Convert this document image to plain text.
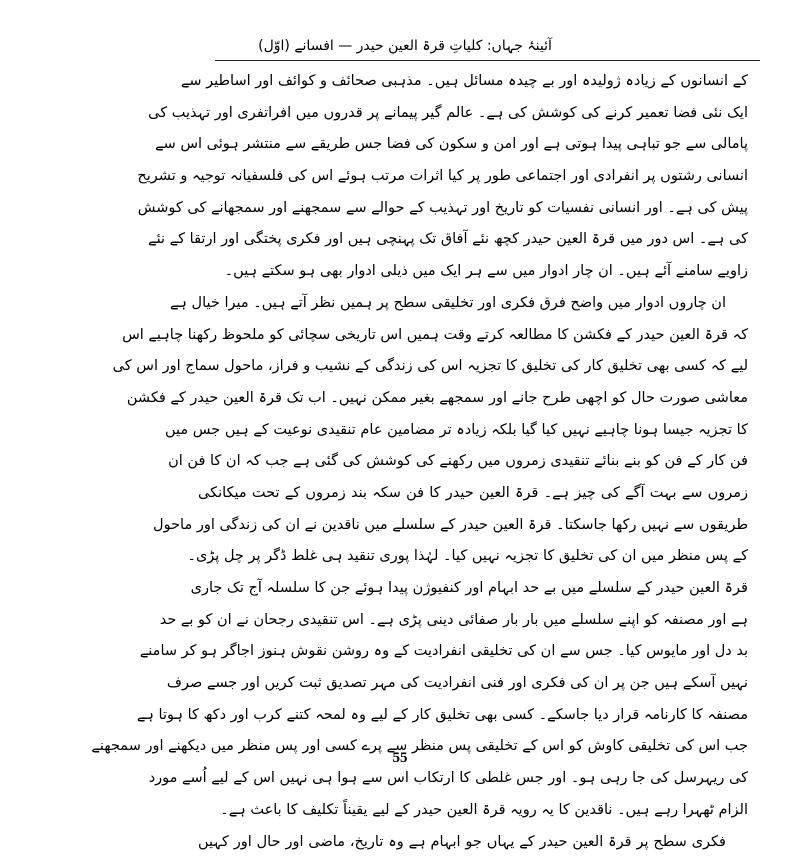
آئینۂ جہاں: کلیاتِ قرۃ العین حیدر — افسانے (اوّل)
کے انسانوں کے زیادہ ژولیدہ اور بے چیدہ مسائل ہیں۔ مذہبی صحائف و کوائف اور اساطیر سے
ایک نئی فضا تعمیر کرنے کی کوشش کی ہے۔ عالم گیر پیمانے پر قدروں میں افراتفری اور تہذیب کی
پامالی سے جو تباہی پیدا ہوتی ہے اور امن و سکون کی فضا جس طریقے سے منتشر ہوئی اس سے
انسانی رشتوں پر انفرادی اور اجتماعی طور پر کیا اثرات مرتب ہوئے اس کی فلسفیانہ توجیہ و تشریح
پیش کی ہے۔ اور انسانی نفسیات کو تاریخ اور تہذیب کے حوالے سے سمجھنے اور سمجھانے کی کوشش
کی ہے۔ اس دور میں قرۃ العین حیدر کچھ نئے آفاق تک پہنچی ہیں اور فکری پختگی اور ارتقا کے نئے
زاویے سامنے آئے ہیں۔ ان چار ادوار میں سے ہر ایک میں ذیلی ادوار بھی ہو سکتے ہیں۔
ان چاروں ادوار میں واضح فرق فکری اور تخلیقی سطح پر ہمیں نظر آتے ہیں۔ میرا خیال ہے
کہ قرۃ العین حیدر کے فکشن کا مطالعہ کرتے وقت ہمیں اس تاریخی سچائی کو ملحوظ رکھنا چاہیے اس
لیے کہ کسی بھی تخلیق کار کی تخلیق کا تجزیہ اس کی زندگی کے نشیب و فراز، ماحول سماج اور اس کی
معاشی صورت حال کو اچھی طرح جانے اور سمجھے بغیر ممکن نہیں۔ اب تک قرۃ العین حیدر کے فکشن
کا تجزیہ جیسا ہونا چاہیے نہیں کیا گیا بلکہ زیادہ تر مضامین عام تنقیدی نوعیت کے ہیں جس میں
فن کار کے فن کو بنے بنائے تنقیدی زمروں میں رکھنے کی کوشش کی گئی ہے جب کہ ان کا فن ان
زمروں سے بہت آگے کی چیز ہے۔ قرۃ العین حیدر کا فن سکہ بند زمروں کے تحت میکانکی
طریقوں سے نہیں رکھا جاسکتا۔ قرۃ العین حیدر کے سلسلے میں ناقدین نے ان کی زندگی اور ماحول
کے پس منظر میں ان کی تخلیق کا تجزیہ نہیں کیا۔ لہٰذا پوری تنقید ہی غلط ڈگر پر چل پڑی۔
قرۃ العین حیدر کے سلسلے میں بے حد ابہام اور کنفیوژن پیدا ہوئے جن کا سلسلہ آج تک جاری
ہے اور مصنفہ کو اپنے سلسلے میں بار بار صفائی دینی پڑی ہے۔ اس تنقیدی رجحان نے ان کو بے حد
بد دل اور مایوس کیا۔ جس سے ان کی تخلیقی انفرادیت کے وہ روشن نقوش ہنوز اجاگر ہو کر سامنے
نہیں آسکے ہیں جن پر ان کی فکری اور فنی انفرادیت کی مہر تصدیق ثبت کریں اور جسے صرف
مصنفہ کا کارنامہ قرار دیا جاسکے۔ کسی بھی تخلیق کار کے لیے وہ لمحہ کتنے کرب اور دکھ کا ہوتا ہے
جب اس کی تخلیقی کاوش کو اس کے تخلیقی پس منظر سے پرے کسی اور پس منظر میں دیکھنے اور سمجھنے
کی ریہرسل کی جا رہی ہو۔ اور جس غلطی کا ارتکاب اس سے ہوا ہی نہیں اس کے لیے اُسے مورد
الزام ٹھہرا رہے ہیں۔ ناقدین کا یہ رویہ قرۃ العین حیدر کے لیے یقیناً تکلیف کا باعث ہے۔
فکری سطح پر قرۃ العین حیدر کے یہاں جو ابہام ہے وہ تاریخ، ماضی اور حال اور کہیں
55
